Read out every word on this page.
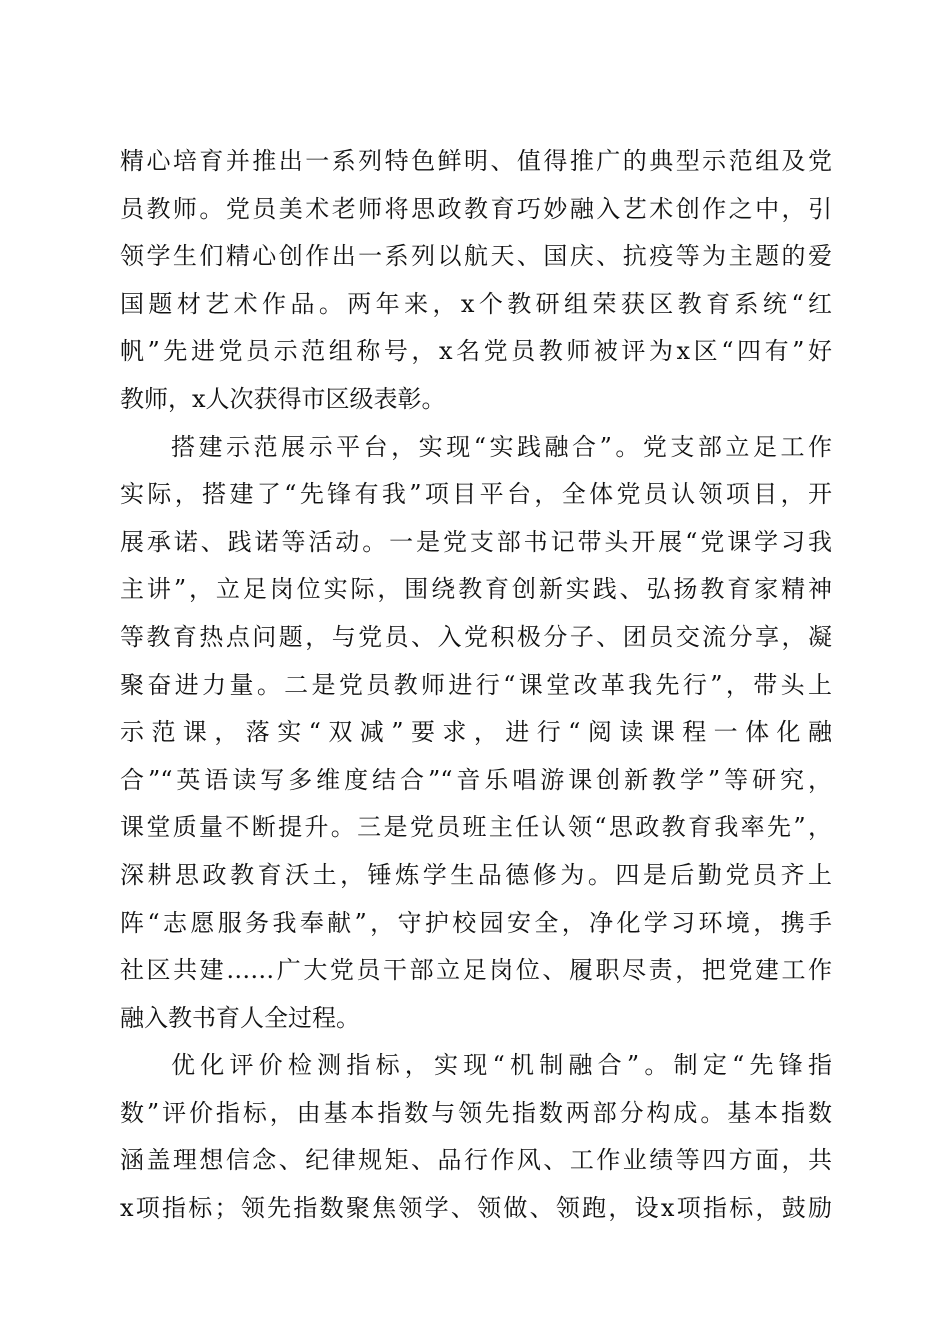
精心培育并推出一系列特色鲜明、值得推广的典型示范组及党
员教师。党员美术老师将思政教育巧妙融入艺术创作之中，引
领学生们精心创作出一系列以航天、国庆、抗疫等为主题的爱
国题材艺术作品。两年来，x个教研组荣获区教育系统“红
帆”先进党员示范组称号，x名党员教师被评为x区“四有”好
教师，x人次获得市区级表彰。
搭建示范展示平台，实现“实践融合”。党支部立足工作
实际，搭建了“先锋有我”项目平台，全体党员认领项目，开
展承诺、践诺等活动。一是党支部书记带头开展“党课学习我
主讲”，立足岗位实际，围绕教育创新实践、弘扬教育家精神
等教育热点问题，与党员、入党积极分子、团员交流分享，凝
聚奋进力量。二是党员教师进行“课堂改革我先行”，带头上
示范课，落实“双减”要求，进行“阅读课程一体化融
合”“英语读写多维度结合”“音乐唱游课创新教学”等研究，
课堂质量不断提升。三是党员班主任认领“思政教育我率先”，
深耕思政教育沃土，锤炼学生品德修为。四是后勤党员齐上
阵“志愿服务我奉献”，守护校园安全，净化学习环境，携手
社区共建……广大党员干部立足岗位、履职尽责，把党建工作
融入教书育人全过程。
优化评价检测指标，实现“机制融合”。制定“先锋指
数”评价指标，由基本指数与领先指数两部分构成。基本指数
涵盖理想信念、纪律规矩、品行作风、工作业绩等四方面，共
x项指标；领先指数聚焦领学、领做、领跑，设x项指标，鼓励
